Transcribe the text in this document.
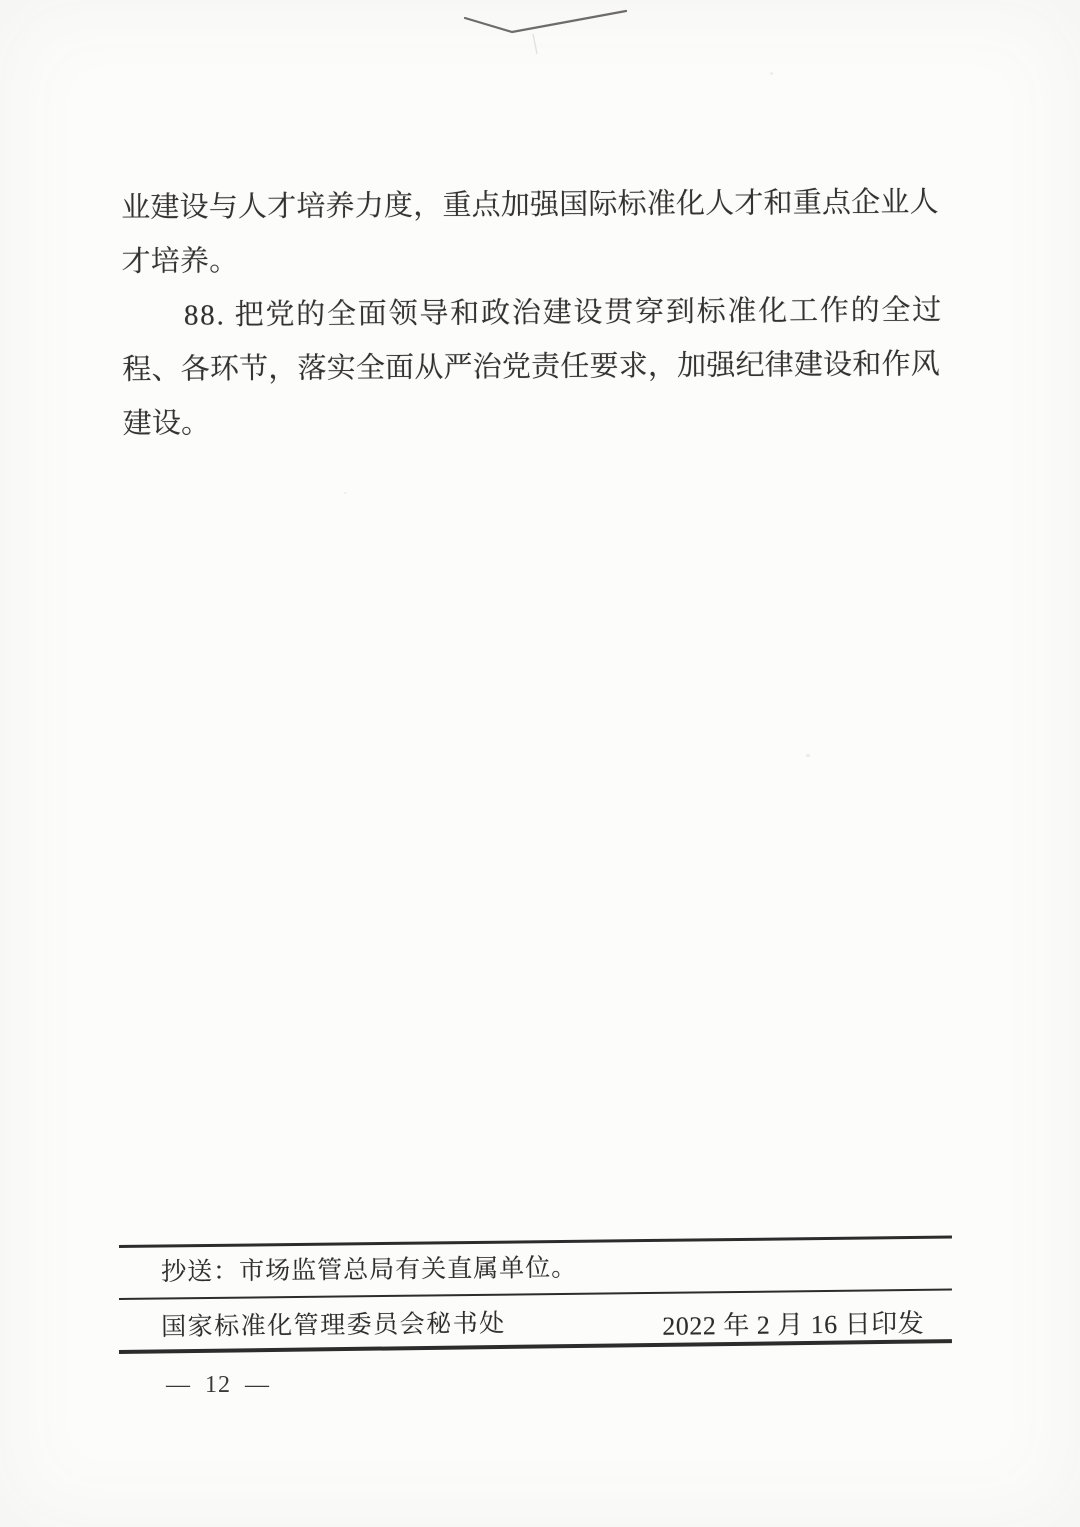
业建设与人才培养力度，重点加强国际标准化人才和重点企业人
才培养。
88. 把党的全面领导和政治建设贯穿到标准化工作的全过
程、各环节，落实全面从严治党责任要求，加强纪律建设和作风
建设。
抄送：市场监管总局有关直属单位。
国家标准化管理委员会秘书处	2022 年 2 月 16 日印发
— 12 —
